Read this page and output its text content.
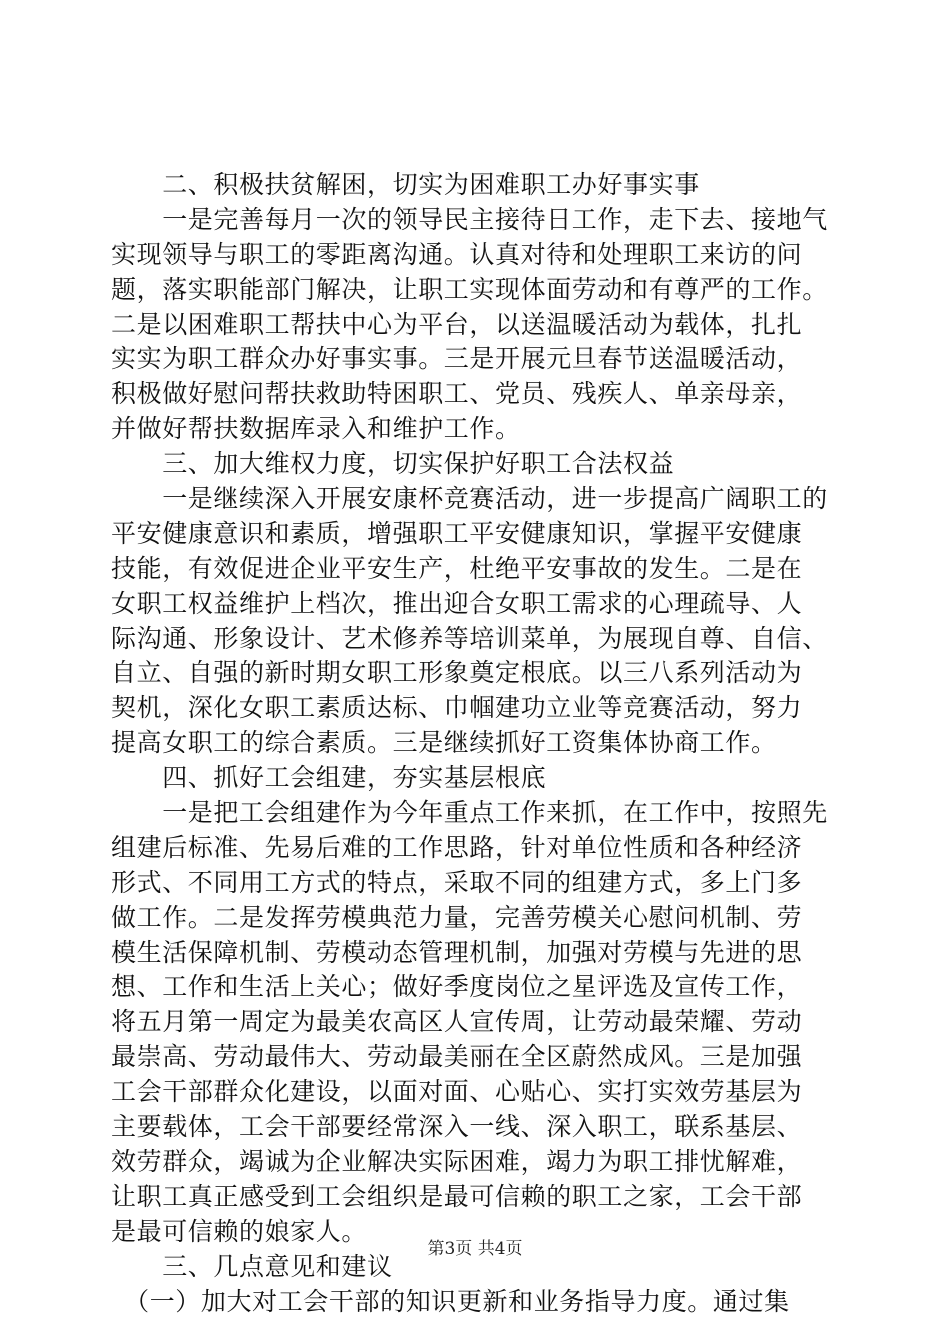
　　二、积极扶贫解困，切实为困难职工办好事实事
　　一是完善每月一次的领导民主接待日工作，走下去、接地气
实现领导与职工的零距离沟通。认真对待和处理职工来访的问
题，落实职能部门解决，让职工实现体面劳动和有尊严的工作。
二是以困难职工帮扶中心为平台，以送温暖活动为载体，扎扎
实实为职工群众办好事实事。三是开展元旦春节送温暖活动，
积极做好慰问帮扶救助特困职工、党员、残疾人、单亲母亲，
并做好帮扶数据库录入和维护工作。
　　三、加大维权力度，切实保护好职工合法权益
　　一是继续深入开展安康杯竞赛活动，进一步提高广阔职工的
平安健康意识和素质，增强职工平安健康知识，掌握平安健康
技能，有效促进企业平安生产，杜绝平安事故的发生。二是在
女职工权益维护上档次，推出迎合女职工需求的心理疏导、人
际沟通、形象设计、艺术修养等培训菜单，为展现自尊、自信、
自立、自强的新时期女职工形象奠定根底。以三八系列活动为
契机，深化女职工素质达标、巾帼建功立业等竞赛活动，努力
提高女职工的综合素质。三是继续抓好工资集体协商工作。
　　四、抓好工会组建，夯实基层根底
　　一是把工会组建作为今年重点工作来抓，在工作中，按照先
组建后标准、先易后难的工作思路，针对单位性质和各种经济
形式、不同用工方式的特点，采取不同的组建方式，多上门多
做工作。二是发挥劳模典范力量，完善劳模关心慰问机制、劳
模生活保障机制、劳模动态管理机制，加强对劳模与先进的思
想、工作和生活上关心；做好季度岗位之星评选及宣传工作，
将五月第一周定为最美农高区人宣传周，让劳动最荣耀、劳动
最崇高、劳动最伟大、劳动最美丽在全区蔚然成风。三是加强
工会干部群众化建设，以面对面、心贴心、实打实效劳基层为
主要载体，工会干部要经常深入一线、深入职工，联系基层、
效劳群众，竭诚为企业解决实际困难，竭力为职工排忧解难，
让职工真正感受到工会组织是最可信赖的职工之家，工会干部
是最可信赖的娘家人。
　　三、几点意见和建议
　（一）加大对工会干部的知识更新和业务指导力度。通过集
第3页 共4页
